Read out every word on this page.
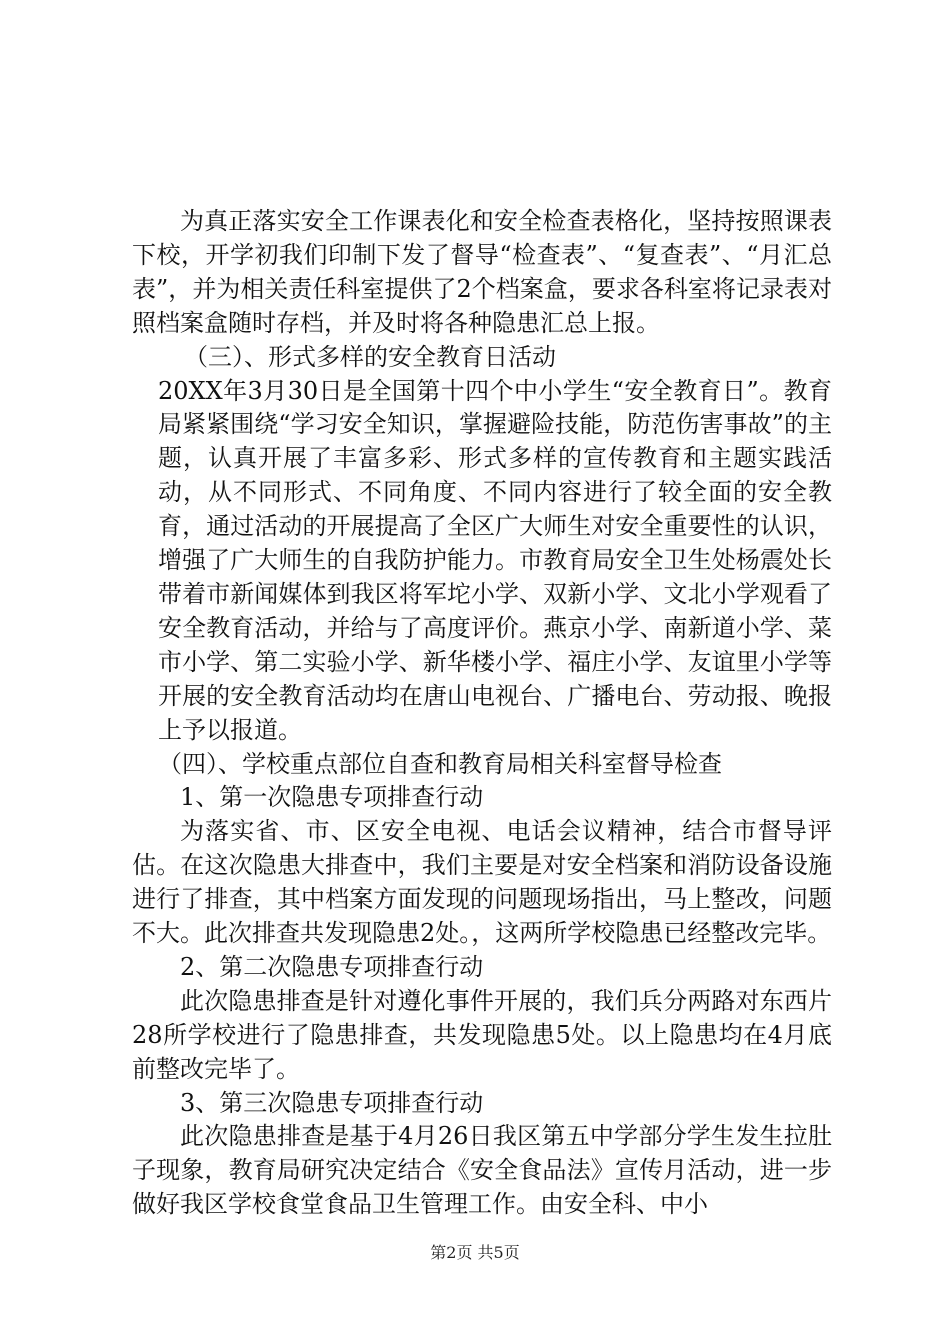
为真正落实安全工作课表化和安全检查表格化，坚持按照课表下校，开学初我们印制下发了督导“检查表”、“复查表”、“月汇总表”，并为相关责任科室提供了2个档案盒，要求各科室将记录表对照档案盒随时存档，并及时将各种隐患汇总上报。

（三）、形式多样的安全教育日活动

20XX年3月30日是全国第十四个中小学生“安全教育日”。教育局紧紧围绕“学习安全知识，掌握避险技能，防范伤害事故”的主题，认真开展了丰富多彩、形式多样的宣传教育和主题实践活动，从不同形式、不同角度、不同内容进行了较全面的安全教育，通过活动的开展提高了全区广大师生对安全重要性的认识，增强了广大师生的自我防护能力。市教育局安全卫生处杨震处长带着市新闻媒体到我区将军坨小学、双新小学、文北小学观看了安全教育活动，并给与了高度评价。燕京小学、南新道小学、菜市小学、第二实验小学、新华楼小学、福庄小学、友谊里小学等开展的安全教育活动均在唐山电视台、广播电台、劳动报、晚报上予以报道。

（四）、学校重点部位自查和教育局相关科室督导检查

1、第一次隐患专项排查行动

为落实省、市、区安全电视、电话会议精神，结合市督导评估。在这次隐患大排查中，我们主要是对安全档案和消防设备设施进行了排查，其中档案方面发现的问题现场指出，马上整改，问题不大。此次排查共发现隐患2处。，这两所学校隐患已经整改完毕。

2、第二次隐患专项排查行动

此次隐患排查是针对遵化事件开展的，我们兵分两路对东西片28所学校进行了隐患排查，共发现隐患5处。以上隐患均在4月底前整改完毕了。

3、第三次隐患专项排查行动

此次隐患排查是基于4月26日我区第五中学部分学生发生拉肚子现象，教育局研究决定结合《安全食品法》宣传月活动，进一步做好我区学校食堂食品卫生管理工作。由安全科、中小

第2页 共5页
